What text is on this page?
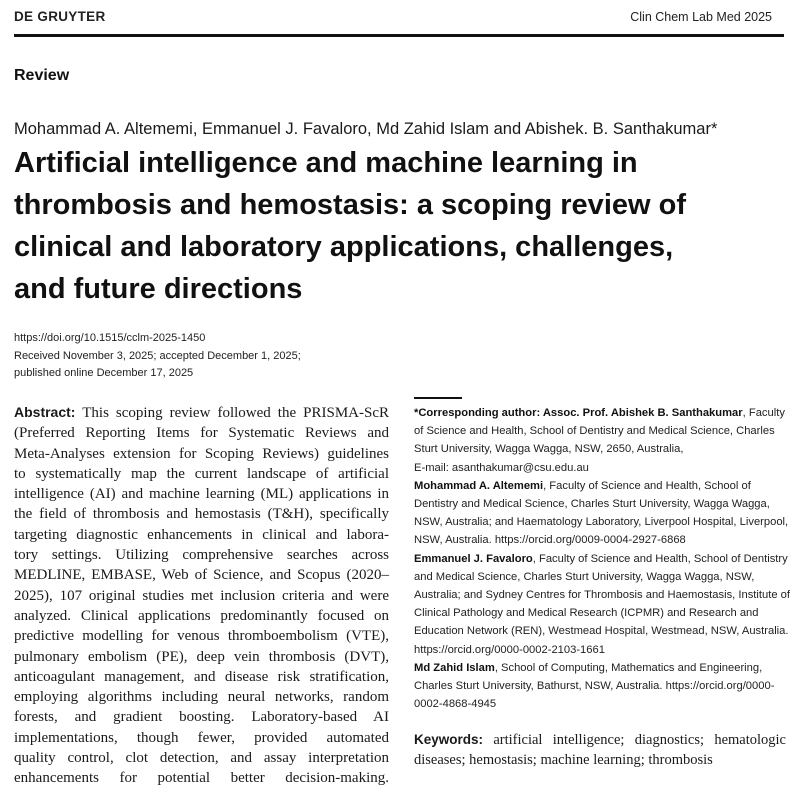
DE GRUYTER	Clin Chem Lab Med 2025
Review
Mohammad A. Altememi, Emmanuel J. Favaloro, Md Zahid Islam and Abishek. B. Santhakumar*
Artificial intelligence and machine learning in
thrombosis and hemostasis: a scoping review of
clinical and laboratory applications, challenges,
and future directions
https://doi.org/10.1515/cclm-2025-1450
Received November 3, 2025; accepted December 1, 2025;
published online December 17, 2025
Abstract: This scoping review followed the PRISMA-ScR
(Preferred Reporting Items for Systematic Reviews and
Meta-Analyses extension for Scoping Reviews) guidelines
to systematically map the current landscape of artificial
intelligence (AI) and machine learning (ML) applications in
the field of thrombosis and hemostasis (T&H), specifically
targeting diagnostic enhancements in clinical and labora-
tory settings. Utilizing comprehensive searches across
MEDLINE, EMBASE, Web of Science, and Scopus (2020–
2025), 107 original studies met inclusion criteria and were
analyzed. Clinical applications predominantly focused on
predictive modelling for venous thromboembolism (VTE),
pulmonary embolism (PE), deep vein thrombosis (DVT),
anticoagulant management, and disease risk stratification,
employing algorithms including neural networks, random
forests, and gradient boosting. Laboratory-based AI
implementations, though fewer, provided automated
quality control, clot detection, and assay interpretation
enhancements for potential better decision-making.
*Corresponding author: Assoc. Prof. Abishek B. Santhakumar, Faculty
of Science and Health, School of Dentistry and Medical Science, Charles
Sturt University, Wagga Wagga, NSW, 2650, Australia,
E-mail: asanthakumar@csu.edu.au
Mohammad A. Altememi, Faculty of Science and Health, School of
Dentistry and Medical Science, Charles Sturt University, Wagga Wagga,
NSW, Australia; and Haematology Laboratory, Liverpool Hospital, Liverpool,
NSW, Australia. https://orcid.org/0009-0004-2927-6868
Emmanuel J. Favaloro, Faculty of Science and Health, School of Dentistry
and Medical Science, Charles Sturt University, Wagga Wagga, NSW,
Australia; and Sydney Centres for Thrombosis and Haemostasis, Institute of
Clinical Pathology and Medical Research (ICPMR) and Research and
Education Network (REN), Westmead Hospital, Westmead, NSW, Australia.
https://orcid.org/0000-0002-2103-1661
Md Zahid Islam, School of Computing, Mathematics and Engineering,
Charles Sturt University, Bathurst, NSW, Australia. https://orcid.org/0000-
0002-4868-4945
Keywords: artificial intelligence; diagnostics; hematologic
diseases; hemostasis; machine learning; thrombosis
